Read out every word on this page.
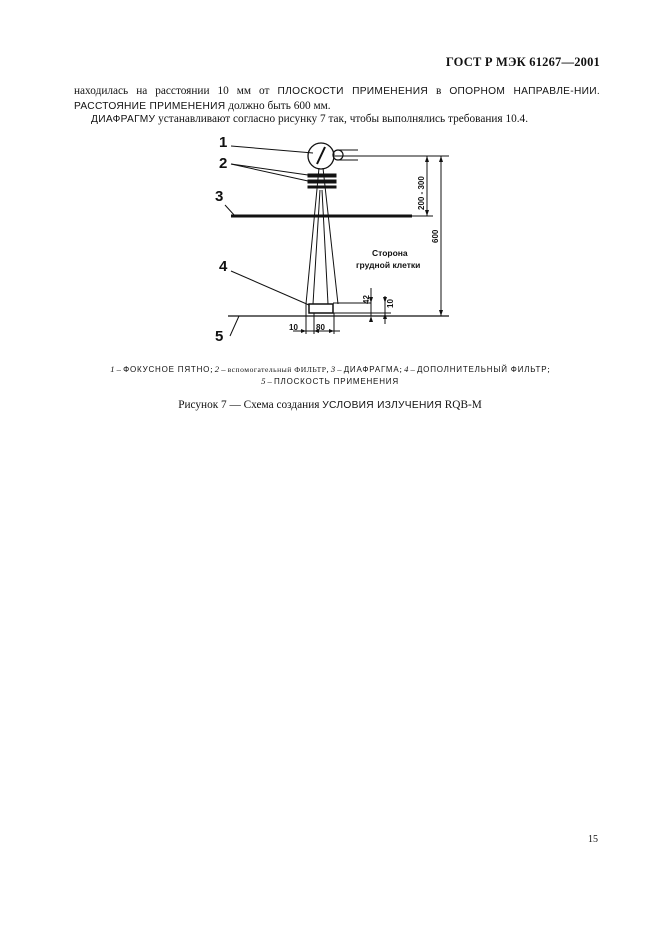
ГОСТ Р МЭК 61267—2001
находилась на расстоянии 10 мм от ПЛОСКОСТИ ПРИМЕНЕНИЯ в ОПОРНОМ НАПРАВЛЕ-НИИ. РАССТОЯНИЕ ПРИМЕНЕНИЯ должно быть 600 мм.
ДИАФРАГМУ устанавливают согласно рисунку 7 так, чтобы выполнялись требования 10.4.
1
2
3
4
5
200 - 300
600
42 10
10 80
Сторона
грудной клетки
1 – ФОКУСНОЕ ПЯТНО; 2 – вспомогательный ФИЛЬТР, 3 – ДИАФРАГМА; 4 – ДОПОЛНИТЕЛЬНЫЙ ФИЛЬТР;
5 – ПЛОСКОСТЬ ПРИМЕНЕНИЯ
Рисунок 7 — Схема создания УСЛОВИЯ ИЗЛУЧЕНИЯ RQB-M
15
